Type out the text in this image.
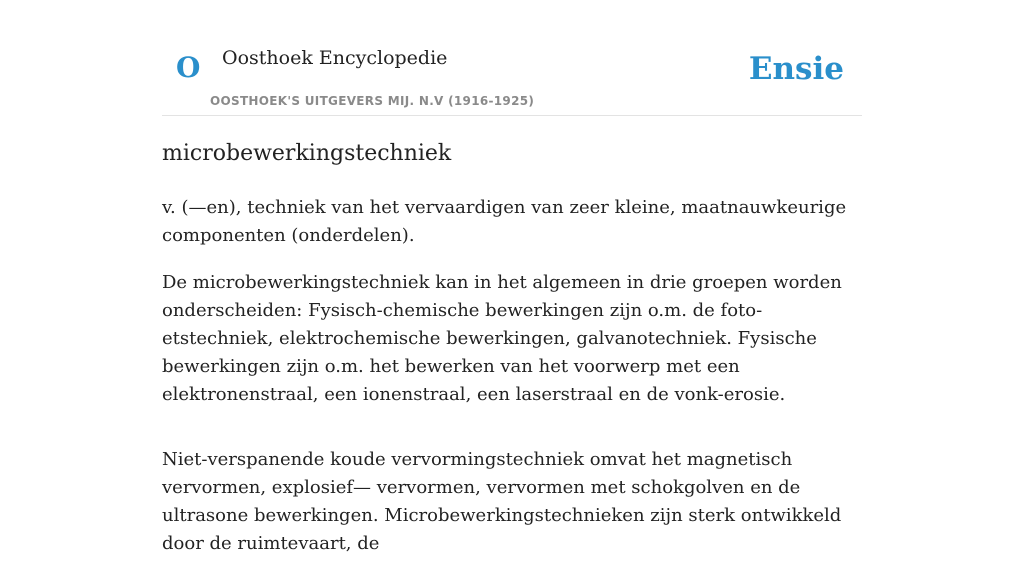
O Oosthoek Encyclopedie
OOSTHOEK'S UITGEVERS MIJ. N.V (1916-1925)
Ensie
microbewerkingstechniek

v. (—en), techniek van het vervaardigen van zeer kleine, maatnauwkeurige componenten (onderdelen).

De microbewerkingstechniek kan in het algemeen in drie groepen worden onderscheiden: Fysisch-chemische bewerkingen zijn o.m. de foto-etstechniek, elektrochemische bewerkingen, galvanotechniek. Fysische bewerkingen zijn o.m. het bewerken van het voorwerp met een elektronenstraal, een ionenstraal, een laserstraal en de vonk-erosie.

Niet-verspanende koude vervormingstechniek omvat het magnetisch vervormen, explosief— vervormen, vervormen met schokgolven en de ultrasone bewerkingen. Microbewerkingstechnieken zijn sterk ontwikkeld door de ruimtevaart, de
